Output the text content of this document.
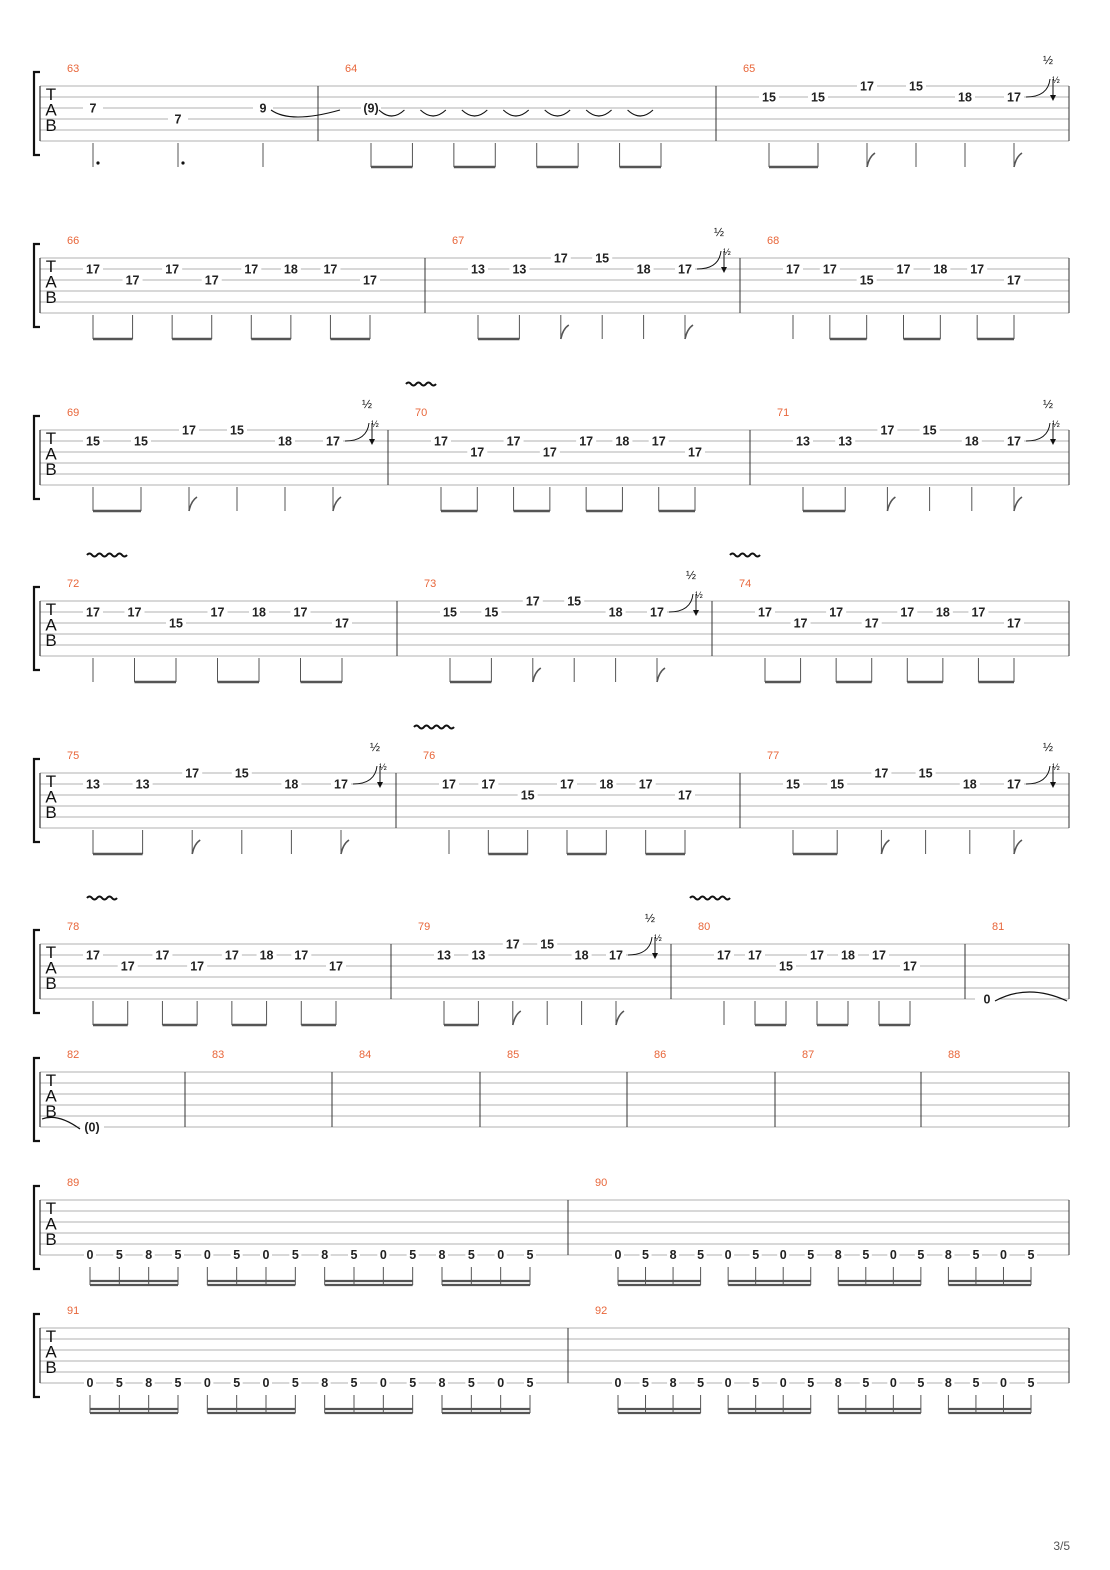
T
A
B
63
7
7
9
64
(9)
65
15	15
17	15
18	17
½
½
T
A
B
66
17
17
17
17
17 18 17
17
67
13 13
17 15
18 17
½
½
68
17 17
15
17 18 17
17
T
A
B
69
15	15
17	15
18	17
½
½
70
17
17
17
17
17 18 17
17
71
13 13
17 15
18 17
½
½
T
A
B
72
17 17
15
17 18 17
17
73
15 15
17 15
18 17
½
½
74
17
17
17
17
17 18 17
17
T
A
B
75
13	13
17	15
18	17
½
½
76
17 17
15
17 18 17
17
77
15 15
17 15
18 17
½
½
T
A
B
78
17
17
17
17
17 18 17
17
79
13 13
17 15
18 17
½
½
80
17 17
15
17 18 17
17
81
0
T
A
B
82
(0)
83	84	85	86	87	88
T
A
B
89
0 5 8 5 0 5 0 5 8 5 0 5 8 5 0 5
90
0 5 8 5 0 5 0 5 8 5 0 5 8 5 0 5
T
A
B
91
0 5 8 5 0 5 0 5 8 5 0 5 8 5 0 5
92
0 5 8 5 0 5 0 5 8 5 0 5 8 5 0 5
3/5
